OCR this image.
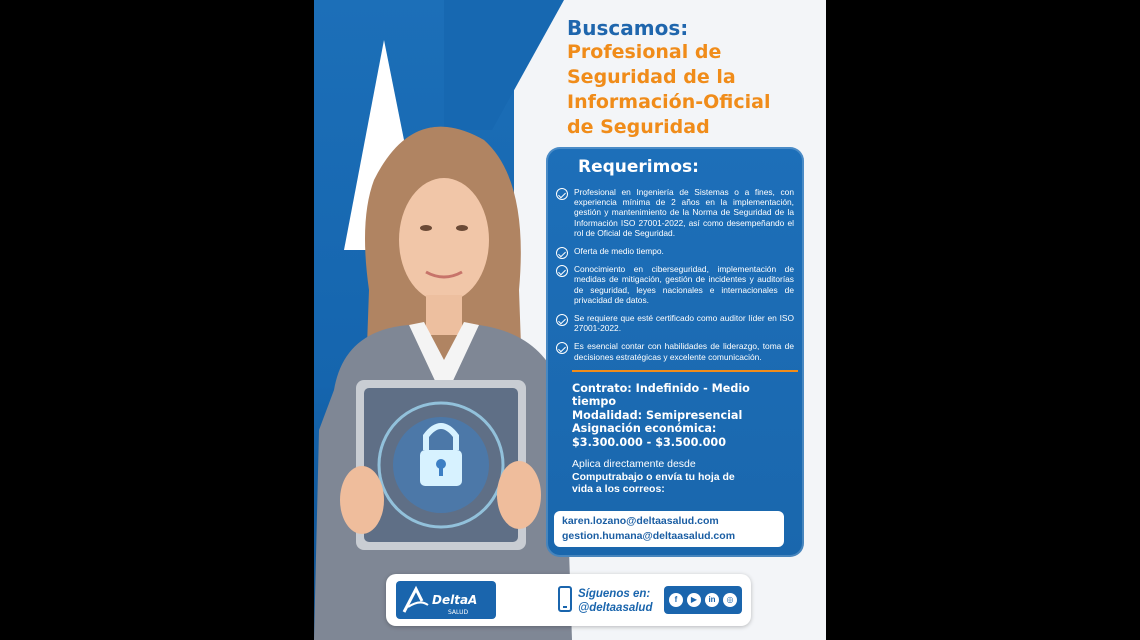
Buscamos:
Profesional de
Seguridad de la
Información-Oficial
de Seguridad
Requerimos:
Profesional en Ingeniería de Sistemas o a fines, con experiencia mínima de 2 años en la implementación, gestión y mantenimiento de la Norma de Seguridad de la Información ISO 27001-2022, así como desempeñando el rol de Oficial de Seguridad.
Oferta de medio tiempo.
Conocimiento en ciberseguridad, implementación de medidas de mitigación, gestión de incidentes y auditorías de seguridad, leyes nacionales e internacionales de privacidad de datos.
Se requiere que esté certificado como auditor líder en ISO 27001-2022.
Es esencial contar con habilidades de liderazgo, toma de decisiones estratégicas y excelente comunicación.
Contrato: Indefinido - Medio tiempo
Modalidad: Semipresencial
Asignación económica:
$3.300.000 - $3.500.000
Aplica directamente desde
Computrabajo o envía tu hoja de
vida a los correos:
karen.lozano@deltaasalud.com
gestion.humana@deltaasalud.com
DeltaA
SALUD
Síguenos en:
@deltaasalud
f	▶	in	◎
